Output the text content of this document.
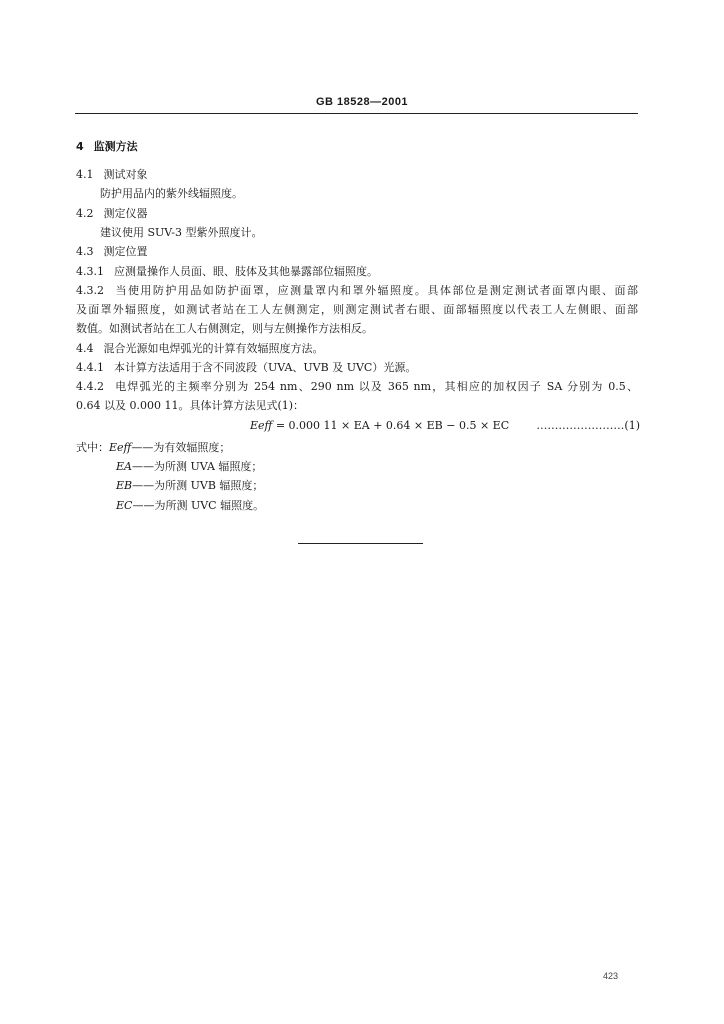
GB 18528—2001
4 监测方法
4.1 测试对象
防护用品内的紫外线辐照度。
4.2 测定仪器
建议使用 SUV-3 型紫外照度计。
4.3 测定位置
4.3.1 应测量操作人员面、眼、肢体及其他暴露部位辐照度。
4.3.2 当使用防护用品如防护面罩，应测量罩内和罩外辐照度。具体部位是测定测试者面罩内眼、面部
及面罩外辐照度，如测试者站在工人左侧测定，则测定测试者右眼、面部辐照度以代表工人左侧眼、面部
数值。如测试者站在工人右侧测定，则与左侧操作方法相反。
4.4 混合光源如电焊弧光的计算有效辐照度方法。
4.4.1 本计算方法适用于含不同波段（UVA、UVB 及 UVC）光源。
4.4.2 电焊弧光的主频率分别为 254 nm、290 nm 以及 365 nm，其相应的加权因子 SA 分别为 0.5、
0.64 以及 0.000 11。具体计算方法见式(1)：
Eeff = 0.000 11 × EA + 0.64 × EB − 0.5 × EC ……………………(1)
式中：Eeff——为有效辐照度；
EA——为所测 UVA 辐照度；
EB——为所测 UVB 辐照度；
EC——为所测 UVC 辐照度。
423
